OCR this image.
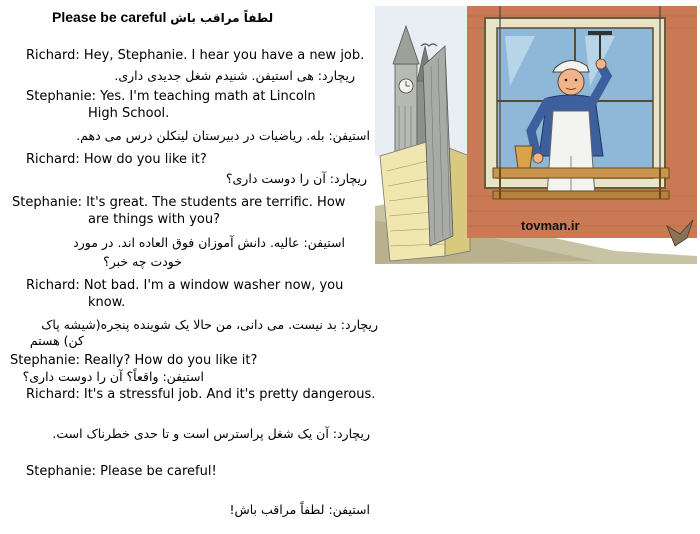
Please be careful لطفاً مراقب باش
Richard: Hey, Stephanie. I hear you have a new job.
ریچارد: هی استیفن. شنیدم شغل جدیدی داری.
Stephanie: Yes. I'm teaching math at Lincoln
High School.
استیفن: بله. ریاضیات در دبیرستان لینکلن درس می دهم.
Richard: How do you like it?
ریچارد: آن را دوست داری؟
Stephanie: It's great. The students are terrific. How
are things with you?
استیفن: عالیه. دانش آموزان فوق العاده اند. در مورد
خودت چه خبر؟
Richard: Not bad. I'm a window washer now, you
know.
ریچارد: بد نیست. می دانی، من حالا یک شوینده پنجره(شیشه پاک
کن) هستم
Stephanie: Really? How do you like it?
استیفن: واقعاً؟ آن را دوست داری؟
Richard: It's a stressful job. And it's pretty dangerous.
ریچارد: آن یک شغل پراسترس است و تا حدی خطرناک است.
Stephanie: Please be careful!
استیفن: لطفاً مراقب باش!
tovman.ir
